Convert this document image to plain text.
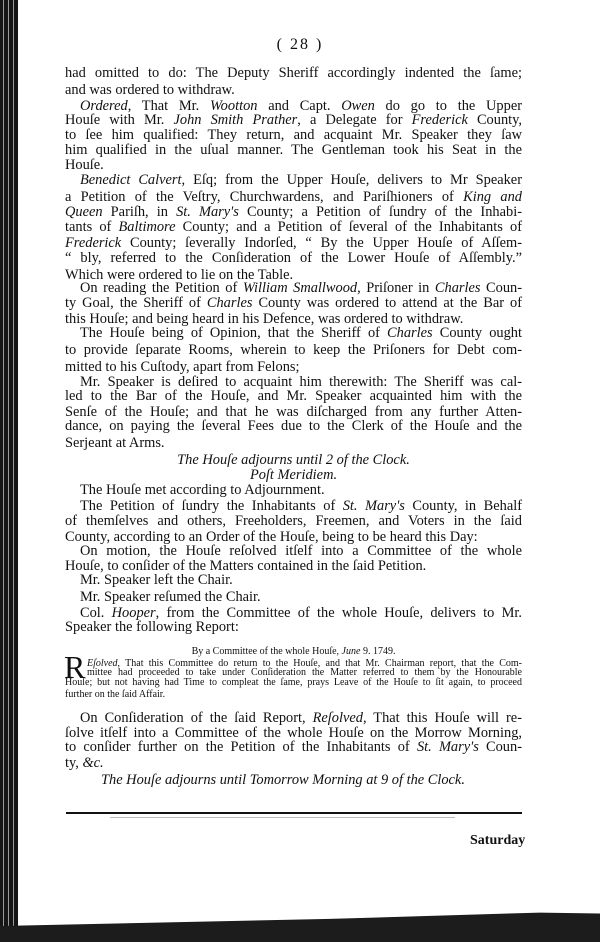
( 28 )
had omitted to do: The Deputy Sheriff accordingly indented the ſame;
and was ordered to withdraw.
Ordered, That Mr. Wootton and Capt. Owen do go to the Upper
Houſe with Mr. John Smith Prather, a Delegate for Frederick County,
to ſee him qualified: They return, and acquaint Mr. Speaker they ſaw
him qualified in the uſual manner. The Gentleman took his Seat in the
Houſe.
Benedict Calvert, Eſq; from the Upper Houſe, delivers to Mr Speaker
a Petition of the Veſtry, Churchwardens, and Pariſhioners of King and
Queen Pariſh, in St. Mary's County; a Petition of ſundry of the Inhabi-
tants of Baltimore County; and a Petition of ſeveral of the Inhabitants of
Frederick County; ſeverally Indorſed, “ By the Upper Houſe of Aſſem-
“ bly, referred to the Conſideration of the Lower Houſe of Aſſembly.”
Which were ordered to lie on the Table.
On reading the Petition of William Smallwood, Priſoner in Charles Coun-
ty Goal, the Sheriff of Charles County was ordered to attend at the Bar of
this Houſe; and being heard in his Defence, was ordered to withdraw.
The Houſe being of Opinion, that the Sheriff of Charles County ought
to provide ſeparate Rooms, wherein to keep the Priſoners for Debt com-
mitted to his Cuſtody, apart from Felons;
Mr. Speaker is deſired to acquaint him therewith: The Sheriff was cal-
led to the Bar of the Houſe, and Mr. Speaker acquainted him with the
Senſe of the Houſe; and that he was diſcharged from any further Atten-
dance, on paying the ſeveral Fees due to the Clerk of the Houſe and the
Serjeant at Arms.
The Houſe adjourns until 2 of the Clock.
Poſt Meridiem.
The Houſe met according to Adjournment.
The Petition of ſundry the Inhabitants of St. Mary's County, in Behalf
of themſelves and others, Freeholders, Freemen, and Voters in the ſaid
County, according to an Order of the Houſe, being to be heard this Day:
On motion, the Houſe reſolved itſelf into a Committee of the whole
Houſe, to conſider of the Matters contained in the ſaid Petition.
Mr. Speaker left the Chair.
Mr. Speaker reſumed the Chair.
Col. Hooper, from the Committee of the whole Houſe, delivers to Mr.
Speaker the following Report:
By a Committee of the whole Houſe, June 9. 1749.
Eſolved, That this Committee do return to the Houſe, and that Mr. Chairman report, that the Com-
mittee had proceeded to take under Conſideration the Matter referred to them by the Honourable
Houſe; but not having had Time to compleat the ſame, prays Leave of the Houſe to ſit again, to proceed
further on the ſaid Affair.
On Conſideration of the ſaid Report, Reſolved, That this Houſe will re-
ſolve itſelf into a Committee of the whole Houſe on the Morrow Morning,
to conſider further on the Petition of the Inhabitants of St. Mary's Coun-
ty, &c.
The Houſe adjourns until Tomorrow Morning at 9 of the Clock.
R
Saturday
